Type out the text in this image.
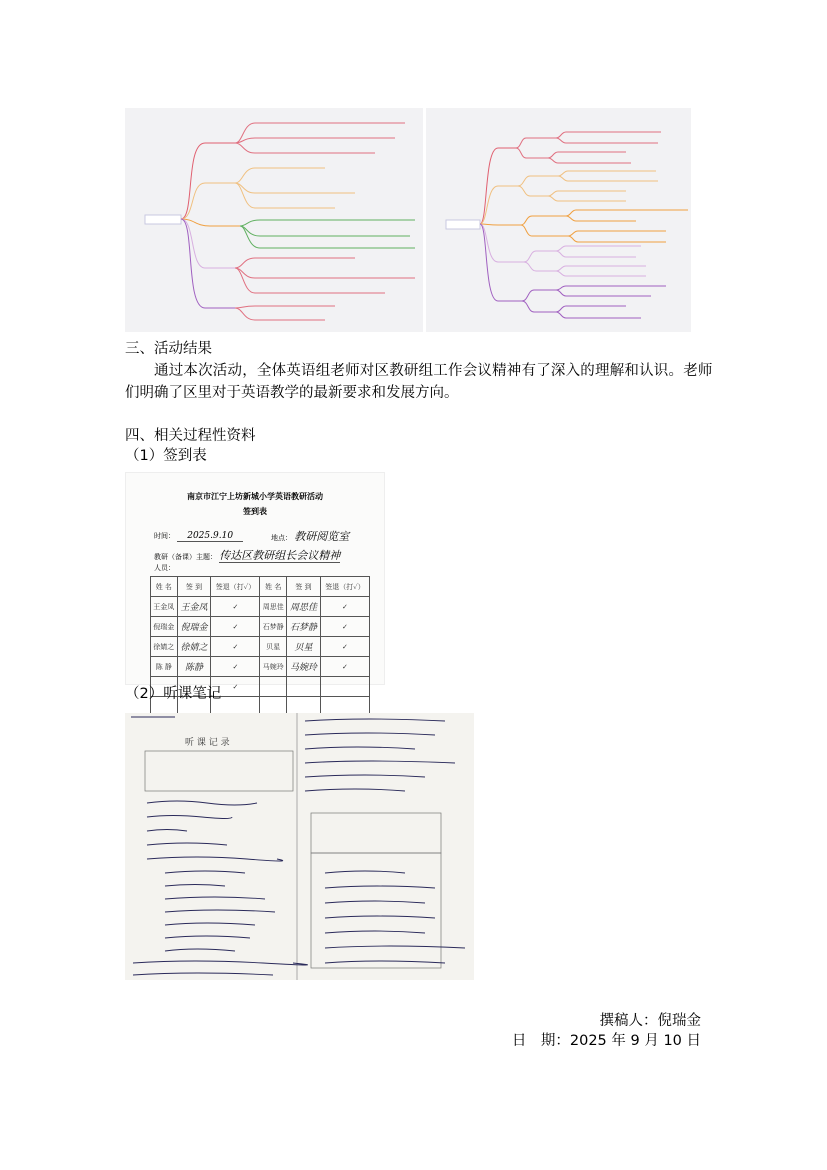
三、活动结果
通过本次活动，全体英语组老师对区教研组工作会议精神有了深入的理解和认识。老师
们明确了区里对于英语教学的最新要求和发展方向。
四、相关过程性资料
（1）签到表
南京市江宁上坊新城小学英语教研活动
签到表
时间： 2025.9.10	地点： 教研阅览室
教研（备课）主题： 传达区教研组长会议精神
人员：
姓 名	签 到	签退（打✓）	姓 名	签 到	签退（打✓）
王金凤	王金凤	✓	周思佳	周思佳	✓
倪瑞金	倪瑞金	✓	石梦静	石梦静	✓
徐婧之	徐婧之	✓	贝星	贝星	✓
陈 静	陈静	✓	马婉玲	马婉玲	✓
		✓			

（2）听课笔记
听 课 记 录
撰稿人：倪瑞金
日　期：2025 年 9 月 10 日
